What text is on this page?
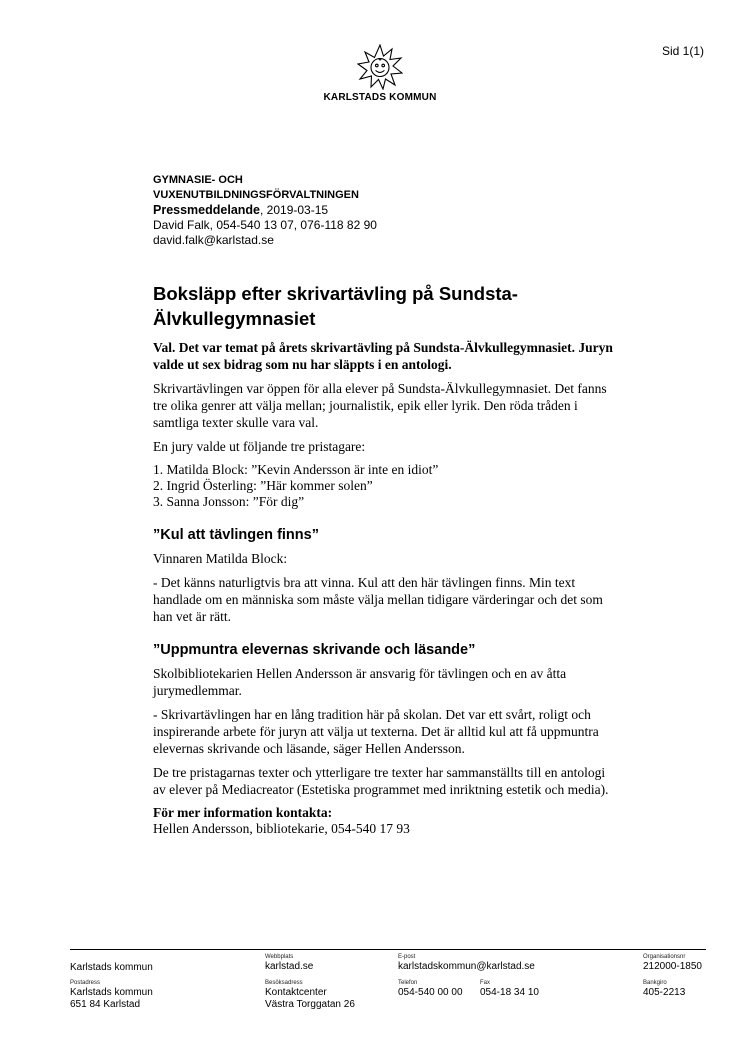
Sid 1(1)
KARLSTADS KOMMUN
GYMNASIE- OCH
VUXENUTBILDNINGSFÖRVALTNINGEN
Pressmeddelande, 2019-03-15
David Falk, 054-540 13 07, 076-118 82 90
david.falk@karlstad.se
Boksläpp efter skrivartävling på Sundsta-
Älvkullegymnasiet

Val. Det var temat på årets skrivartävling på Sundsta-Älvkullegymnasiet. Juryn valde ut sex bidrag som nu har släppts i en antologi.

Skrivartävlingen var öppen för alla elever på Sundsta-Älvkullegymnasiet. Det fanns tre olika genrer att välja mellan; journalistik, epik eller lyrik. Den röda tråden i samtliga texter skulle vara val.

En jury valde ut följande tre pristagare:

1. Matilda Block: ”Kevin Andersson är inte en idiot”
2. Ingrid Österling: ”Här kommer solen”
3. Sanna Jonsson: ”För dig”
”Kul att tävlingen finns”

Vinnaren Matilda Block:

- Det känns naturligtvis bra att vinna. Kul att den här tävlingen finns. Min text handlade om en människa som måste välja mellan tidigare värderingar och det som han vet är rätt.

”Uppmuntra elevernas skrivande och läsande”

Skolbibliotekarien Hellen Andersson är ansvarig för tävlingen och en av åtta jurymedlemmar.

- Skrivartävlingen har en lång tradition här på skolan. Det var ett svårt, roligt och inspirerande arbete för juryn att välja ut texterna. Det är alltid kul att få uppmuntra elevernas skrivande och läsande, säger Hellen Andersson.

De tre pristagarnas texter och ytterligare tre texter har sammanställts till en antologi av elever på Mediacreator (Estetiska programmet med inriktning estetik och media).

För mer information kontakta:
Hellen Andersson, bibliotekarie, 054-540 17 93
Karlstads kommun
Webbplats
karlstad.se
E-post
karlstadskommun@karlstad.se
Organisationsnr
212000-1850
Postadress
Karlstads kommun
651 84 Karlstad
Besöksadress
Kontaktcenter
Västra Torggatan 26
Telefon
054-540 00 00
Fax
054-18 34 10
Bankgiro
405-2213
